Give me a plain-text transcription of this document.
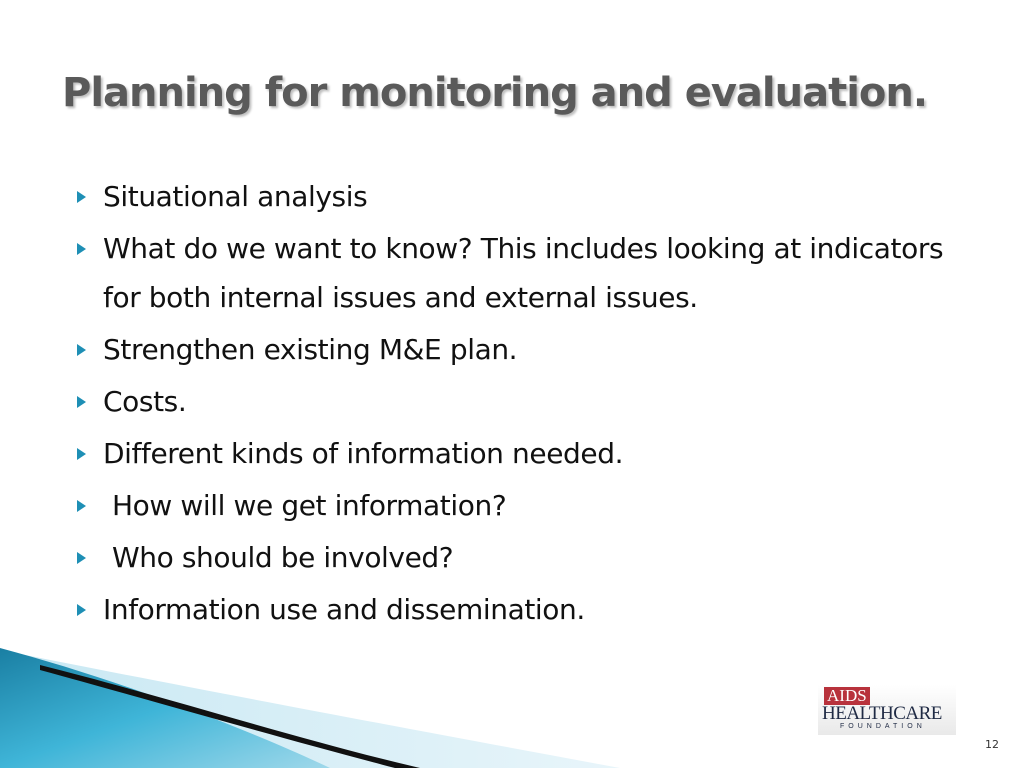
Planning for monitoring and evaluation.
Situational analysis
What do we want to know? This includes looking at indicators for both internal issues and external issues.
Strengthen existing M&E plan.
Costs.
Different kinds of information needed.
How will we get information?
Who should be involved?
Information use and dissemination.
AIDS
HEALTHCARE
FOUNDATION
12
